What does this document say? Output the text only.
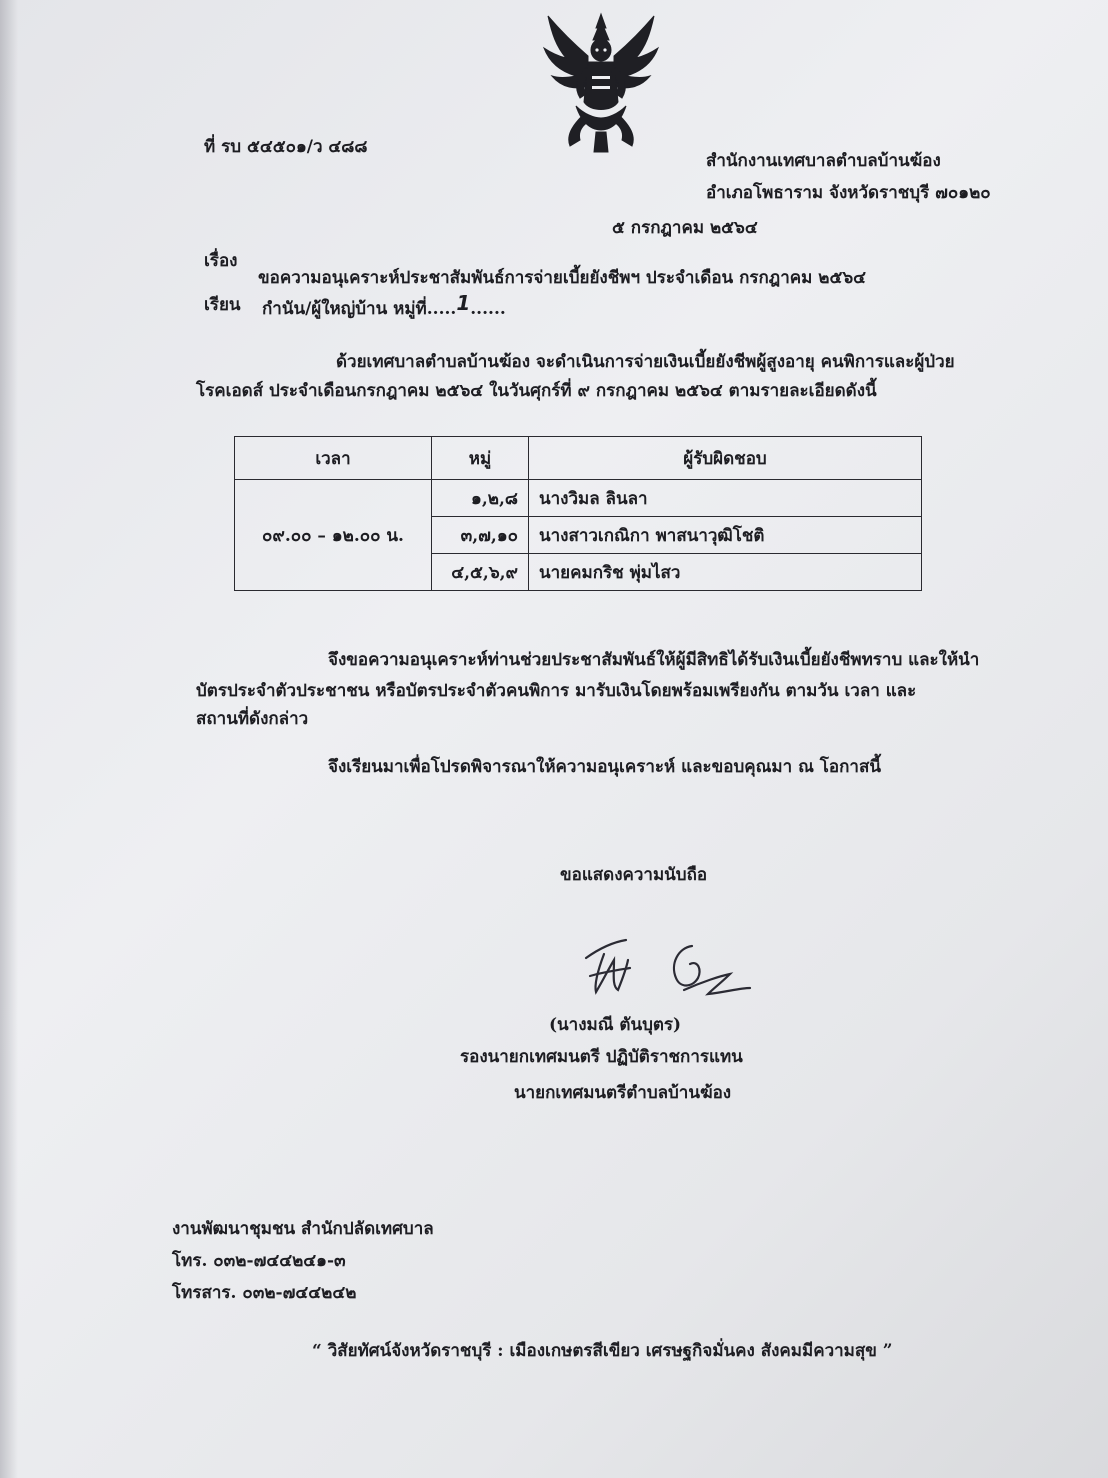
ที่ รบ ๕๔๕๐๑/ว ๔๘๘
สำนักงานเทศบาลตำบลบ้านฆ้อง
อำเภอโพธาราม จังหวัดราชบุรี ๗๐๑๒๐
๕ กรกฎาคม ๒๕๖๔
เรื่อง
ขอความอนุเคราะห์ประชาสัมพันธ์การจ่ายเบี้ยยังชีพฯ ประจำเดือน กรกฎาคม ๒๕๖๔
เรียน กำนัน/ผู้ใหญ่บ้าน หมู่ที่.....1......
ด้วยเทศบาลตำบลบ้านฆ้อง จะดำเนินการจ่ายเงินเบี้ยยังชีพผู้สูงอายุ คนพิการและผู้ป่วย
โรคเอดส์ ประจำเดือนกรกฎาคม ๒๕๖๔ ในวันศุกร์ที่ ๙ กรกฎาคม ๒๕๖๔ ตามรายละเอียดดังนี้
เวลา	หมู่	ผู้รับผิดชอบ
๐๙.๐๐ – ๑๒.๐๐ น.	๑,๒,๘	นางวิมล ลินลา
	๓,๗,๑๐	นางสาวเกณิกา พาสนาวุฒิโชติ
	๔,๕,๖,๙	นายคมกริช พุ่มไสว
จึงขอความอนุเคราะห์ท่านช่วยประชาสัมพันธ์ให้ผู้มีสิทธิได้รับเงินเบี้ยยังชีพทราบ และให้นำ
บัตรประจำตัวประชาชน หรือบัตรประจำตัวคนพิการ มารับเงินโดยพร้อมเพรียงกัน ตามวัน เวลา และ
สถานที่ดังกล่าว
จึงเรียนมาเพื่อโปรดพิจารณาให้ความอนุเคราะห์ และขอบคุณมา ณ โอกาสนี้
ขอแสดงความนับถือ
(นางมณี ตันบุตร)
รองนายกเทศมนตรี ปฏิบัติราชการแทน
นายกเทศมนตรีตำบลบ้านฆ้อง
งานพัฒนาชุมชน สำนักปลัดเทศบาล
โทร. ๐๓๒-๗๔๔๒๔๑-๓
โทรสาร. ๐๓๒-๗๔๔๒๔๒
“ วิสัยทัศน์จังหวัดราชบุรี : เมืองเกษตรสีเขียว เศรษฐกิจมั่นคง สังคมมีความสุข ”
